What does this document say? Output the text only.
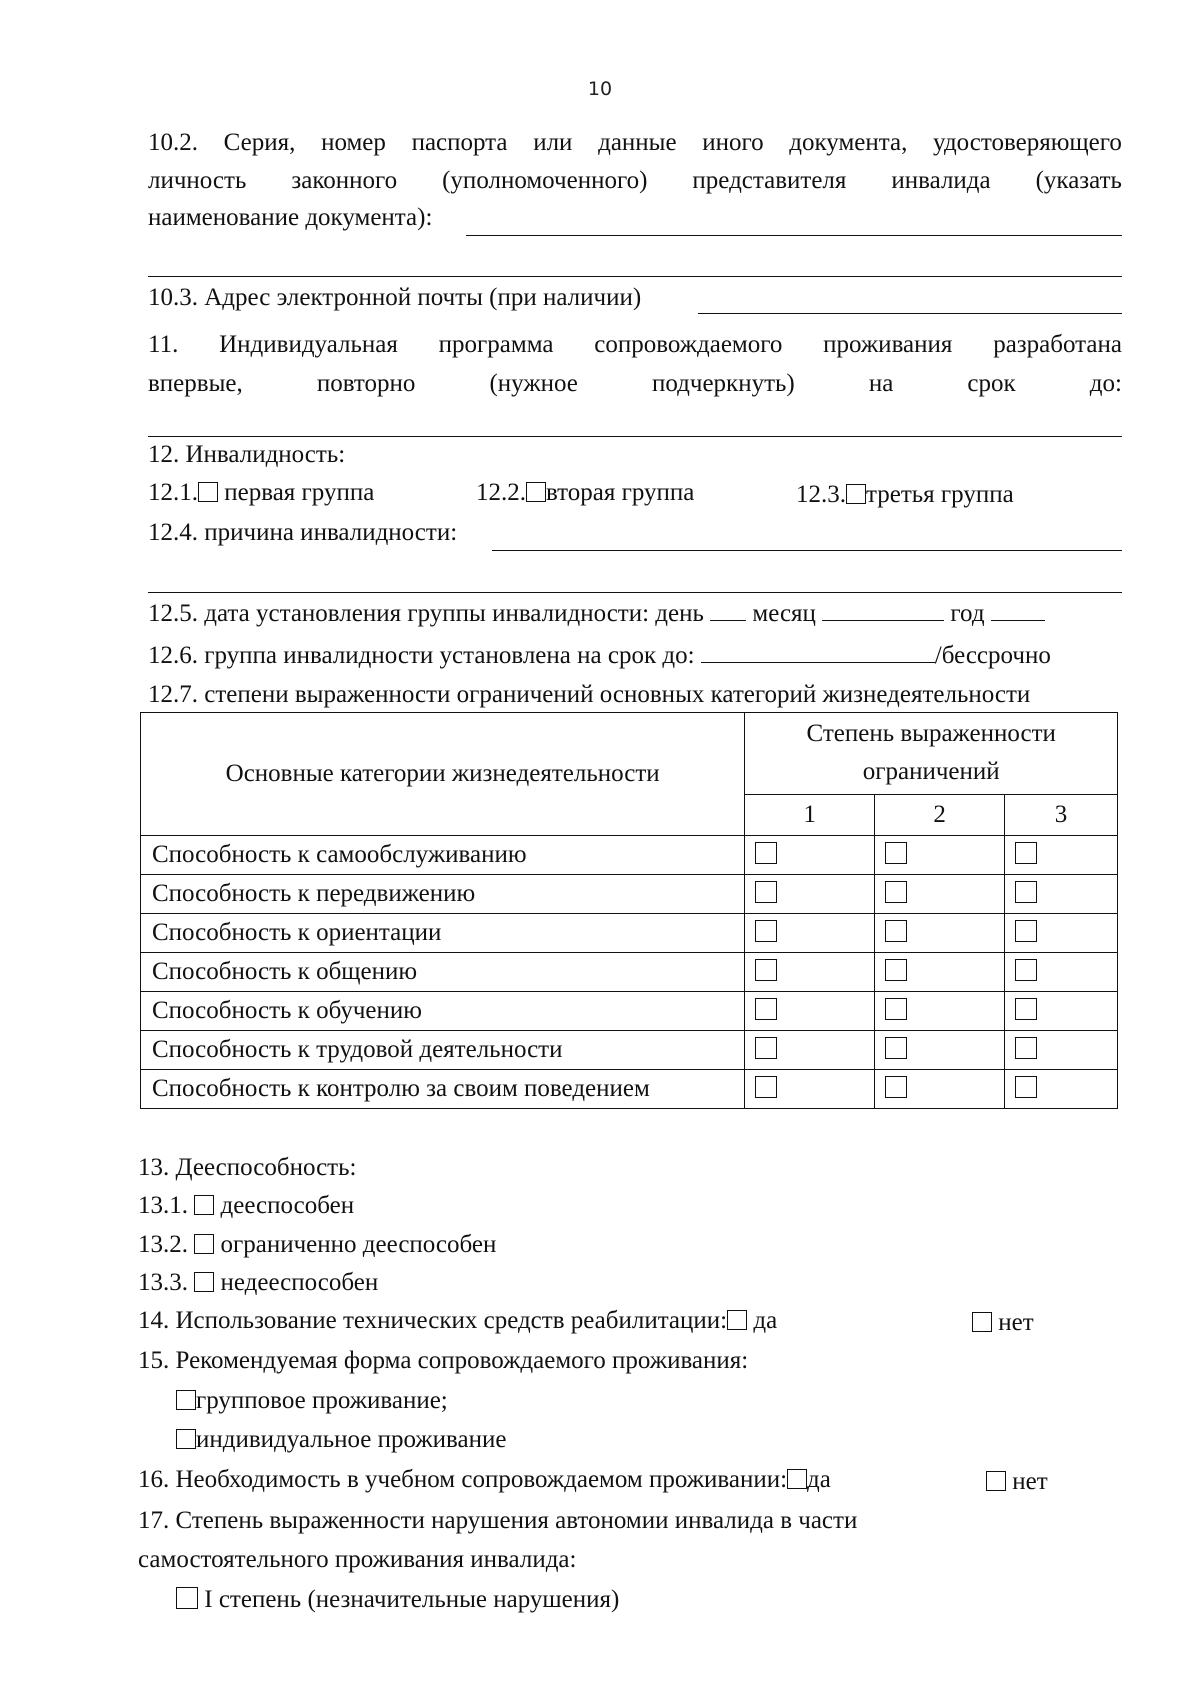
10
10.2. Серия, номер паспорта или данные иного документа, удостоверяющего
личность законного (уполномоченного) представителя инвалида (указать
наименование документа):
10.3. Адрес электронной почты (при наличии)
11. Индивидуальная программа сопровождаемого проживания разработана
впервые,	повторно	(нужное	подчеркнуть)	на	срок	до:
12. Инвалидность:
12.1. первая группа	12.2. вторая группа	12.3. третья группа
12.4. причина инвалидности:
12.5. дата установления группы инвалидности: день месяц	год
12.6. группа инвалидности установлена на срок до:	/бессрочно
12.7. степени выраженности ограничений основных категорий жизнедеятельности
Основные категории жизнедеятельности	Степень выраженности
ограничений		
	1	2	3
Способность к самообслуживанию			
Способность к передвижению			
Способность к ориентации			
Способность к общению			
Способность к обучению			
Способность к трудовой деятельности			
Способность к контролю за своим поведением			
13. Дееспособность:
13.1. дееспособен
13.2. ограниченно дееспособен
13.3. недееспособен
14. Использование технических средств реабилитации: да	нет
15. Рекомендуемая форма сопровождаемого проживания:
групповое проживание;
индивидуальное проживание
16. Необходимость в учебном сопровождаемом проживании: да	нет
17. Степень выраженности нарушения автономии инвалида в части
самостоятельного проживания инвалида:
I степень (незначительные нарушения)
